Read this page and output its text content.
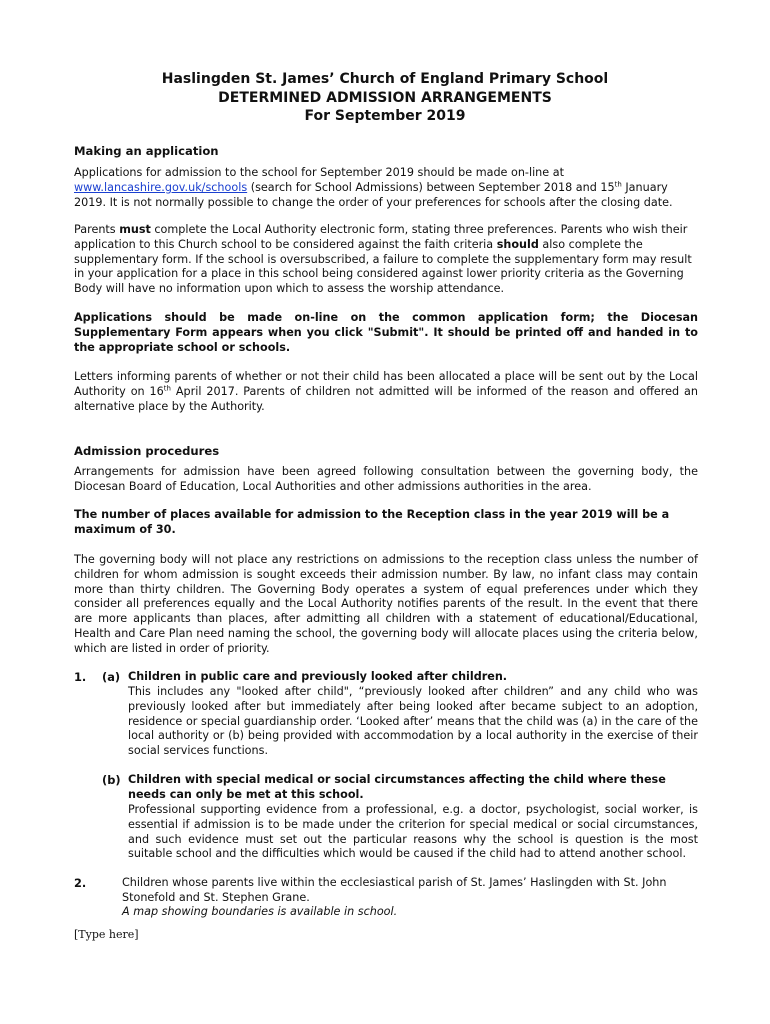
Haslingden St. James’ Church of England Primary School
DETERMINED ADMISSION ARRANGEMENTS
For September 2019
Making an application
Applications for admission to the school for September 2019 should be made on-line at
www.lancashire.gov.uk/schools (search for School Admissions) between September 2018 and 15th January 2019. It is not normally possible to change the order of your preferences for schools after the closing date.
Parents must complete the Local Authority electronic form, stating three preferences. Parents who wish their application to this Church school to be considered against the faith criteria should also complete the supplementary form. If the school is oversubscribed, a failure to complete the supplementary form may result in your application for a place in this school being considered against lower priority criteria as the Governing Body will have no information upon which to assess the worship attendance.
Applications should be made on-line on the common application form; the Diocesan Supplementary Form appears when you click "Submit". It should be printed off and handed in to the appropriate school or schools.
Letters informing parents of whether or not their child has been allocated a place will be sent out by the Local Authority on 16th April 2017. Parents of children not admitted will be informed of the reason and offered an alternative place by the Authority.
Admission procedures
Arrangements for admission have been agreed following consultation between the governing body, the Diocesan Board of Education, Local Authorities and other admissions authorities in the area.
The number of places available for admission to the Reception class in the year 2019 will be a maximum of 30.
The governing body will not place any restrictions on admissions to the reception class unless the number of children for whom admission is sought exceeds their admission number. By law, no infant class may contain more than thirty children. The Governing Body operates a system of equal preferences under which they consider all preferences equally and the Local Authority notifies parents of the result. In the event that there are more applicants than places, after admitting all children with a statement of educational/Educational, Health and Care Plan need naming the school, the governing body will allocate places using the criteria below, which are listed in order of priority.
1. (a) Children in public care and previously looked after children.
This includes any "looked after child", “previously looked after children” and any child who was previously looked after but immediately after being looked after became subject to an adoption, residence or special guardianship order. ‘Looked after’ means that the child was (a) in the care of the local authority or (b) being provided with accommodation by a local authority in the exercise of their social services functions.
(b) Children with special medical or social circumstances affecting the child where these needs can only be met at this school.
Professional supporting evidence from a professional, e.g. a doctor, psychologist, social worker, is essential if admission is to be made under the criterion for special medical or social circumstances, and such evidence must set out the particular reasons why the school is question is the most suitable school and the difficulties which would be caused if the child had to attend another school.
2.	Children whose parents live within the ecclesiastical parish of St. James’ Haslingden with St. John Stonefold and St. Stephen Grane.
A map showing boundaries is available in school.
[Type here]
